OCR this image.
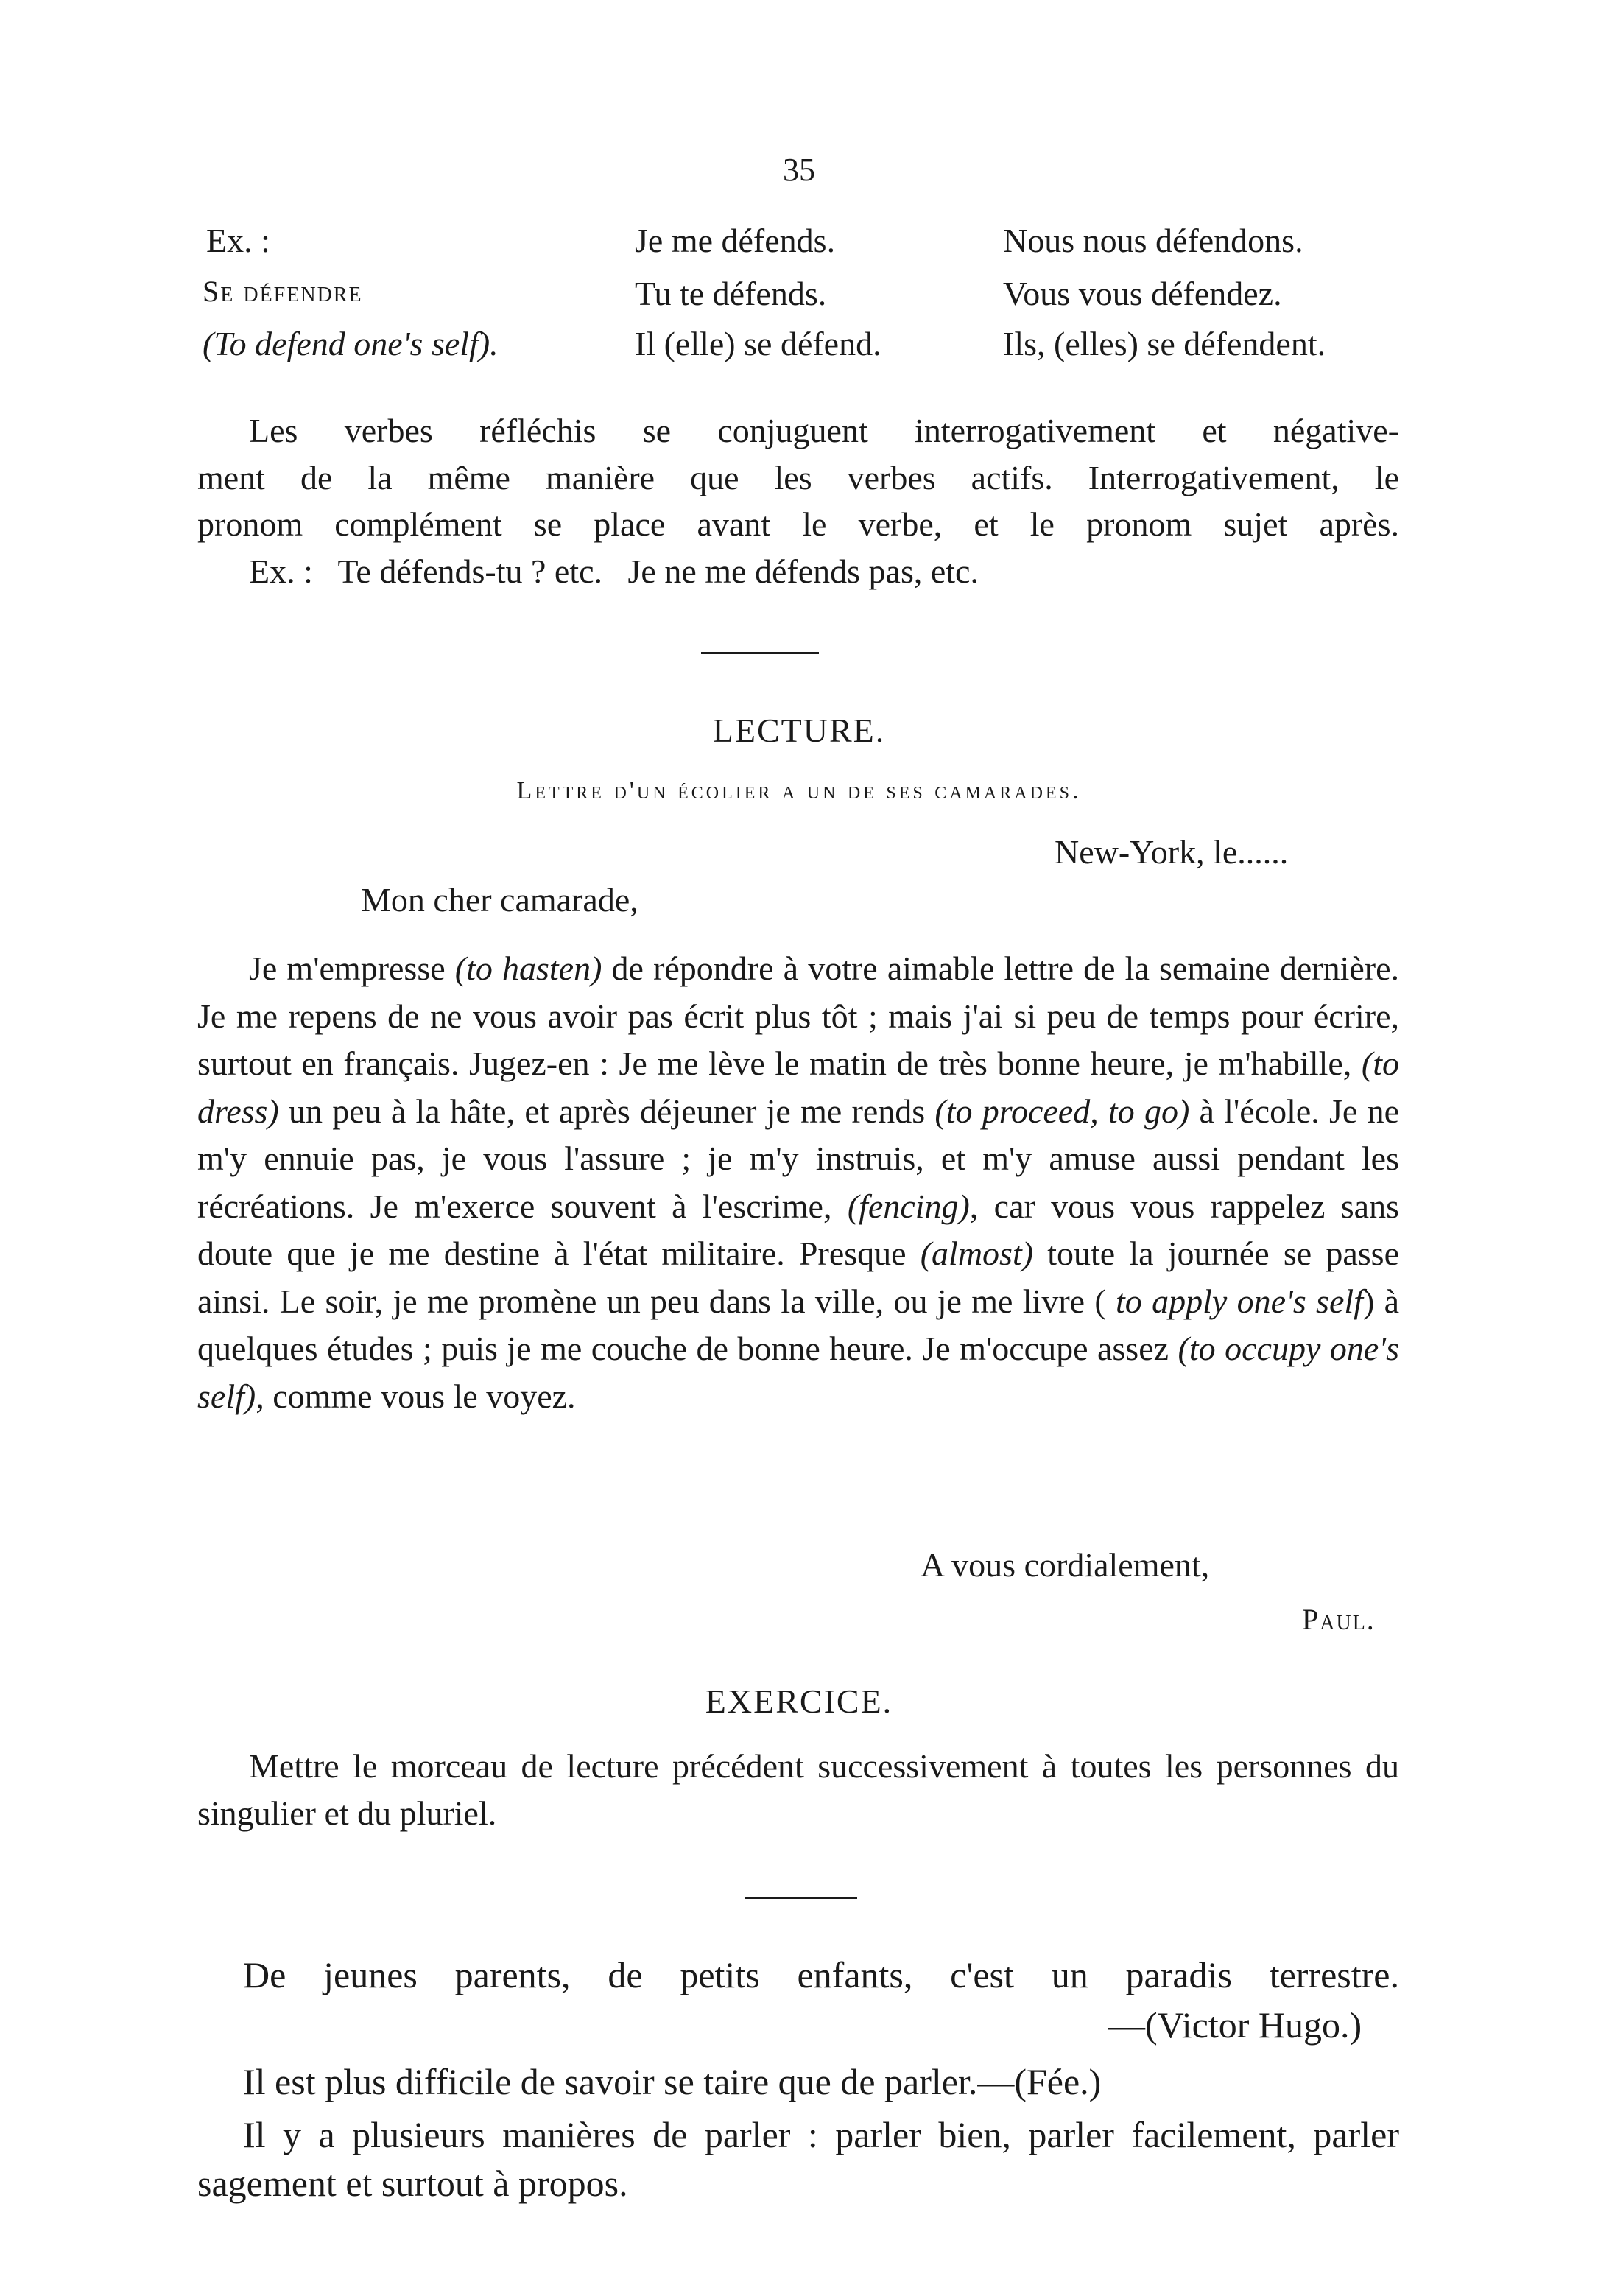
35
Ex. :
Se défendre
(To defend one's self).
Je me défends.
Tu te défends.
Il (elle) se défend.
Nous nous défendons.
Vous vous défendez.
Ils, (elles) se défendent.
Les verbes réfléchis se conjuguent interrogativement et négative-
ment de la même manière que les verbes actifs. Interrogativement, le
pronom complément se place avant le verbe, et le pronom sujet après.
Ex. :   Te défends-tu ? etc.   Je ne me défends pas, etc.
LECTURE.
Lettre d'un écolier a un de ses camarades.
New-York, le......
Mon cher camarade,
Je m'empresse (to hasten) de répondre à votre aimable lettre de la semaine dernière. Je me repens de ne vous avoir pas écrit plus tôt ; mais j'ai si peu de temps pour écrire, surtout en français. Jugez-en : Je me lève le matin de très bonne heure, je m'habille, (to dress) un peu à la hâte, et après déjeuner je me rends (to proceed, to go) à l'école. Je ne m'y ennuie pas, je vous l'assure ; je m'y instruis, et m'y amuse aussi pendant les récréations. Je m'exerce souvent à l'escrime, (fencing), car vous vous rappelez sans doute que je me destine à l'état militaire. Presque (almost) toute la journée se passe ainsi. Le soir, je me promène un peu dans la ville, ou je me livre ( to apply one's self) à quelques études ; puis je me couche de bonne heure. Je m'occupe assez (to occupy one's self), comme vous le voyez.
A vous cordialement,
Paul.
EXERCICE.
Mettre le morceau de lecture précédent successivement à toutes les personnes du singulier et du pluriel.
De jeunes parents, de petits enfants, c'est un paradis terrestre.
—(Victor Hugo.)
Il est plus difficile de savoir se taire que de parler.—(Fée.)
Il y a plusieurs manières de parler : parler bien, parler facilement, parler sagement et surtout à propos.
